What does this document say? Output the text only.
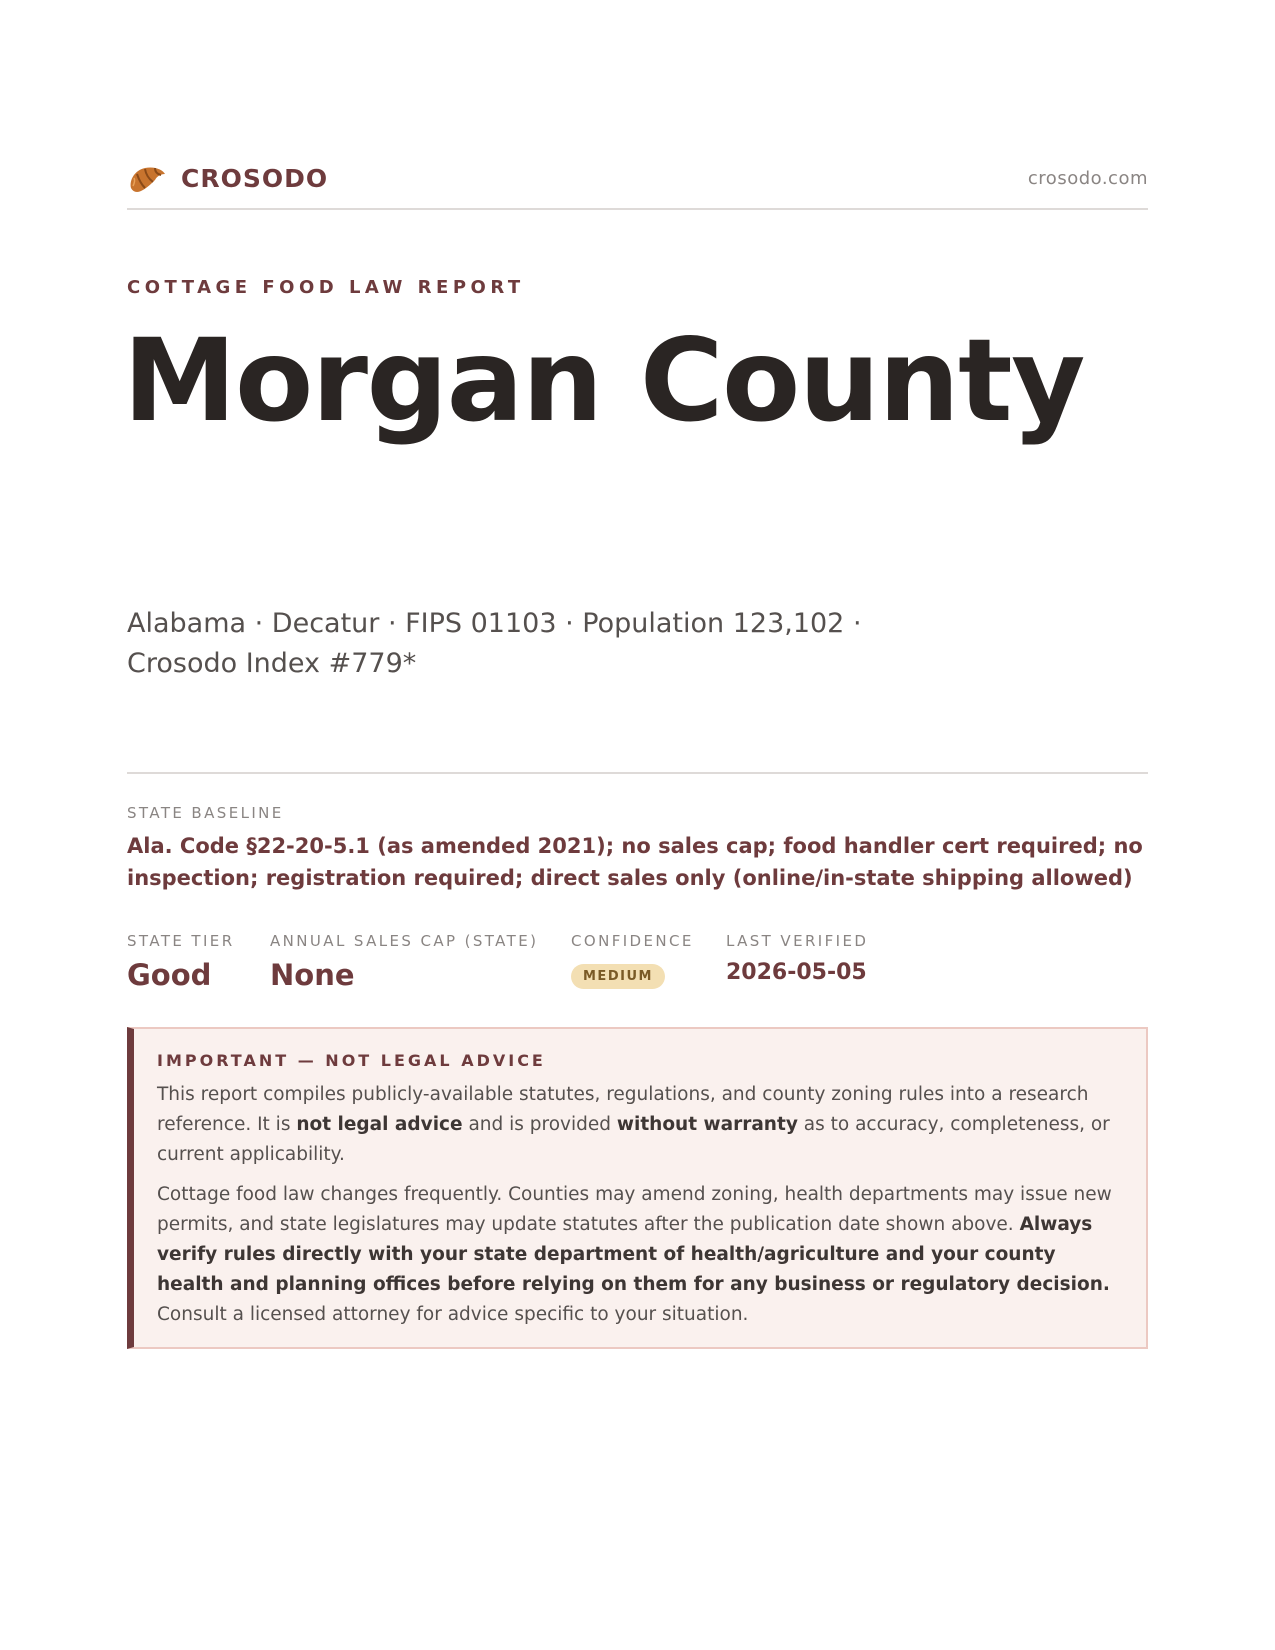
CROSODO	crosodo.com
COTTAGE FOOD LAW REPORT
Morgan County
Alabama · Decatur · FIPS 01103 · Population 123,102 · Crosodo Index #779*
STATE BASELINE
Ala. Code §22-20-5.1 (as amended 2021); no sales cap; food handler cert required; no inspection; registration required; direct sales only (online/in-state shipping allowed)
STATE TIER
Good
ANNUAL SALES CAP (STATE)
None
CONFIDENCE
MEDIUM
LAST VERIFIED
2026-05-05
IMPORTANT — NOT LEGAL ADVICE

This report compiles publicly-available statutes, regulations, and county zoning rules into a research reference. It is not legal advice and is provided without warranty as to accuracy, completeness, or current applicability.

Cottage food law changes frequently. Counties may amend zoning, health departments may issue new permits, and state legislatures may update statutes after the publication date shown above. Always verify rules directly with your state department of health/agriculture and your county health and planning offices before relying on them for any business or regulatory decision. Consult a licensed attorney for advice specific to your situation.
